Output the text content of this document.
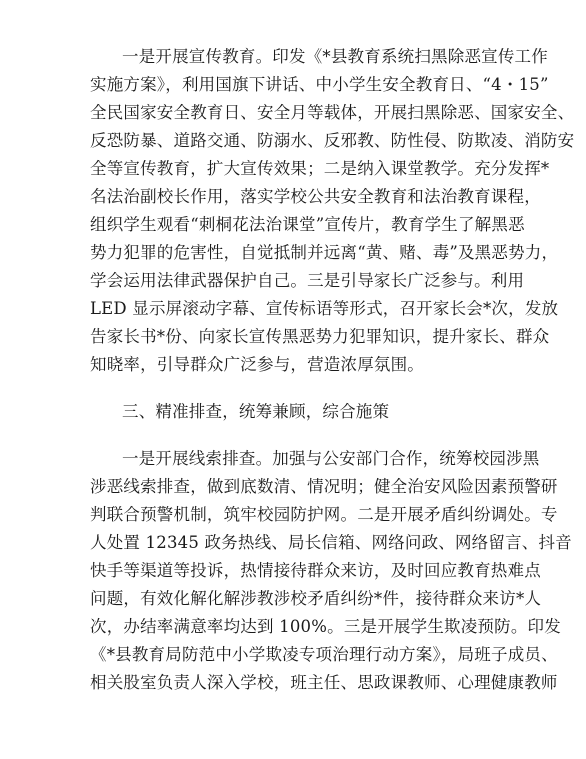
一是开展宣传教育。印发《*县教育系统扫黑除恶宣传工作
实施方案》，利用国旗下讲话、中小学生安全教育日、“4・15”
全民国家安全教育日、安全月等载体，开展扫黑除恶、国家安全、
反恐防暴、道路交通、防溺水、反邪教、防性侵、防欺凌、消防安
全等宣传教育，扩大宣传效果；二是纳入课堂教学。充分发挥*
名法治副校长作用，落实学校公共安全教育和法治教育课程，
组织学生观看“刺桐花法治课堂”宣传片，教育学生了解黑恶
势力犯罪的危害性，自觉抵制并远离“黄、赌、毒”及黑恶势力，
学会运用法律武器保护自己。三是引导家长广泛参与。利用
LED 显示屏滚动字幕、宣传标语等形式，召开家长会*次，发放
告家长书*份、向家长宣传黑恶势力犯罪知识，提升家长、群众
知晓率，引导群众广泛参与，营造浓厚氛围。
三、精准排查，统筹兼顾，综合施策
一是开展线索排查。加强与公安部门合作，统筹校园涉黑
涉恶线索排查，做到底数清、情况明；健全治安风险因素预警研
判联合预警机制，筑牢校园防护网。二是开展矛盾纠纷调处。专
人处置 12345 政务热线、局长信箱、网络问政、网络留言、抖音
快手等渠道等投诉，热情接待群众来访，及时回应教育热难点
问题，有效化解化解涉教涉校矛盾纠纷*件，接待群众来访*人
次，办结率满意率均达到 100%。三是开展学生欺凌预防。印发
《*县教育局防范中小学欺凌专项治理行动方案》，局班子成员、
相关股室负责人深入学校，班主任、思政课教师、心理健康教师
